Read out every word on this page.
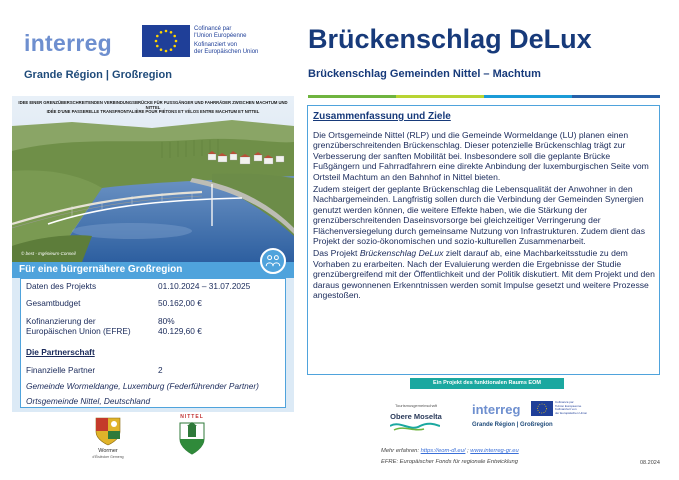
interreg
Cofinancé par
l'Union Européenne
Kofinanziert von
der Europäischen Union
Grande Région | Großregion
Brückenschlag DeLux
Brückenschlag Gemeinden Nittel – Machtum
IDEE EINER GRENZÜBERSCHREITENDEN VERBINDUNGSBRÜCKE FÜR FUSSGÄNGER UND FAHRRÄDER ZWISCHEN MACHTUM UND NITTEL
IDÉE D'UNE PASSERELLE TRANSFRONTALIÈRE POUR PIÉTONS ET VÉLOS ENTRE MACHTUM ET NITTEL
© best - Ingénieurs-Conseil
Für eine bürgernähere Großregion
Daten des Projekts	01.10.2024 – 31.07.2025
Gesamtbudget	50.162,00 €
Kofinanzierung der	80%
Europäischen Union (EFRE)	40.129,60 €
Die Partnerschaft
Finanzielle Partner	2
Gemeinde Wormeldange, Luxemburg (Federführender Partner)
Ortsgemeinde Nittel, Deutschland
Wormer
d'Éislécker Gemeng
NITTEL
Zusammenfassung und Ziele

Die Ortsgemeinde Nittel (RLP) und die Gemeinde Wormeldange (LU) planen einen grenzüberschreitenden Brückenschlag. Dieser potenzielle Brückenschlag trägt zur Verbesserung der sanften Mobilität bei. Insbesondere soll die geplante Brücke Fußgängern und Fahrradfahrern eine direkte Anbindung der luxemburgischen Seite vom Ortsteil Machtum an den Bahnhof in Nittel bieten.

Zudem steigert der geplante Brückenschlag die Lebensqualität der Anwohner in den Nachbargemeinden. Langfristig sollen durch die Verbindung der Gemeinden Synergien genutzt werden können, die weitere Effekte haben, wie die Stärkung der grenzüberschreitenden Daseinsvorsorge bei gleichzeitiger Verringerung der Flächenversiegelung durch gemeinsame Nutzung von Infrastrukturen. Zudem dient das Projekt der sozio-ökonomischen und sozio-kulturellen Zusammenarbeit.

Das Projekt Brückenschlag DeLux zielt darauf ab, eine Machbarkeitsstudie zu dem Vorhaben zu erarbeiten. Nach der Evaluierung werden die Ergebnisse der Studie grenzübergreifend mit der Öffentlichkeit und der Politik diskutiert. Mit dem Projekt und den daraus gewonnenen Erkenntnissen werden somit Impulse gesetzt und weitere Prozesse angestoßen.

Ein Projekt des funktionalen Raums EOM
Tourismusgemeinschaft
Obere Moselta	interreg	Cofinancé par
l'Union Européenne
Kofinanziert von
der Europäischen Union
Grande Région | Großregion
Mehr erfahren: https://eom-dl.eu/ ; www.interreg-gr.eu
EFRE: Europäischer Fonds für regionale Entwicklung	08.2024
